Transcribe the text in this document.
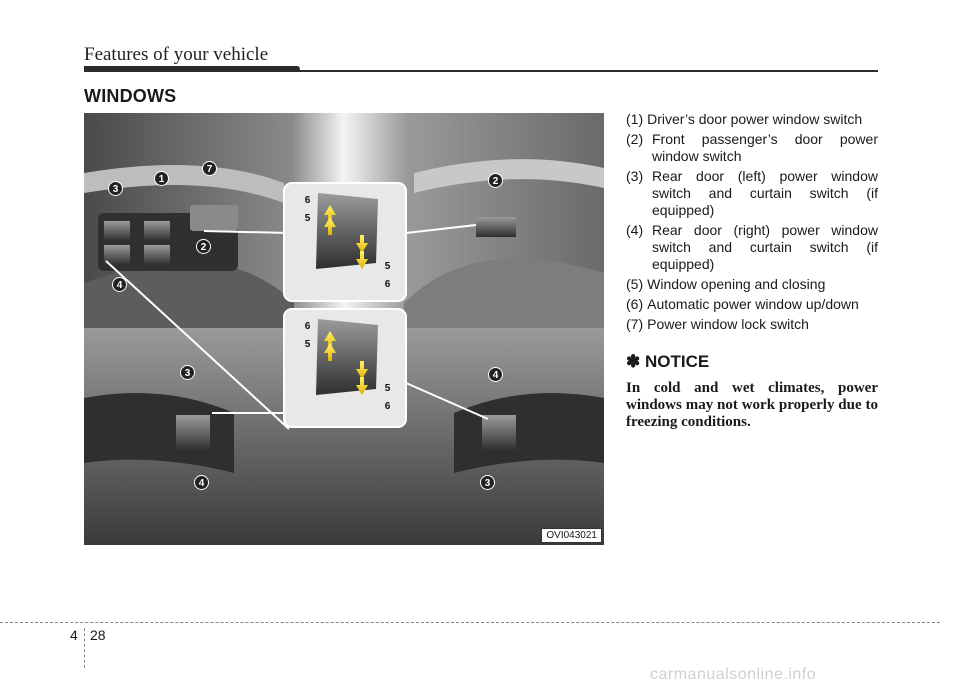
Features of your vehicle
WINDOWS
1
7
3
2
4
2
3
4
4
3
6
5
5
6
6
5
5
6
OVI043021
(1) Driver’s door power window switch
(2) Front passenger’s door power window switch
(3) Rear door (left) power window switch and curtain switch (if equipped)
(4) Rear door (right) power window switch and curtain switch (if equipped)
(5) Window opening and closing
(6) Automatic power window up/down
(7) Power window lock switch
✽ NOTICE
In cold and wet climates, power windows may not work properly due to freezing conditions.
4 28
carmanualsonline.info
